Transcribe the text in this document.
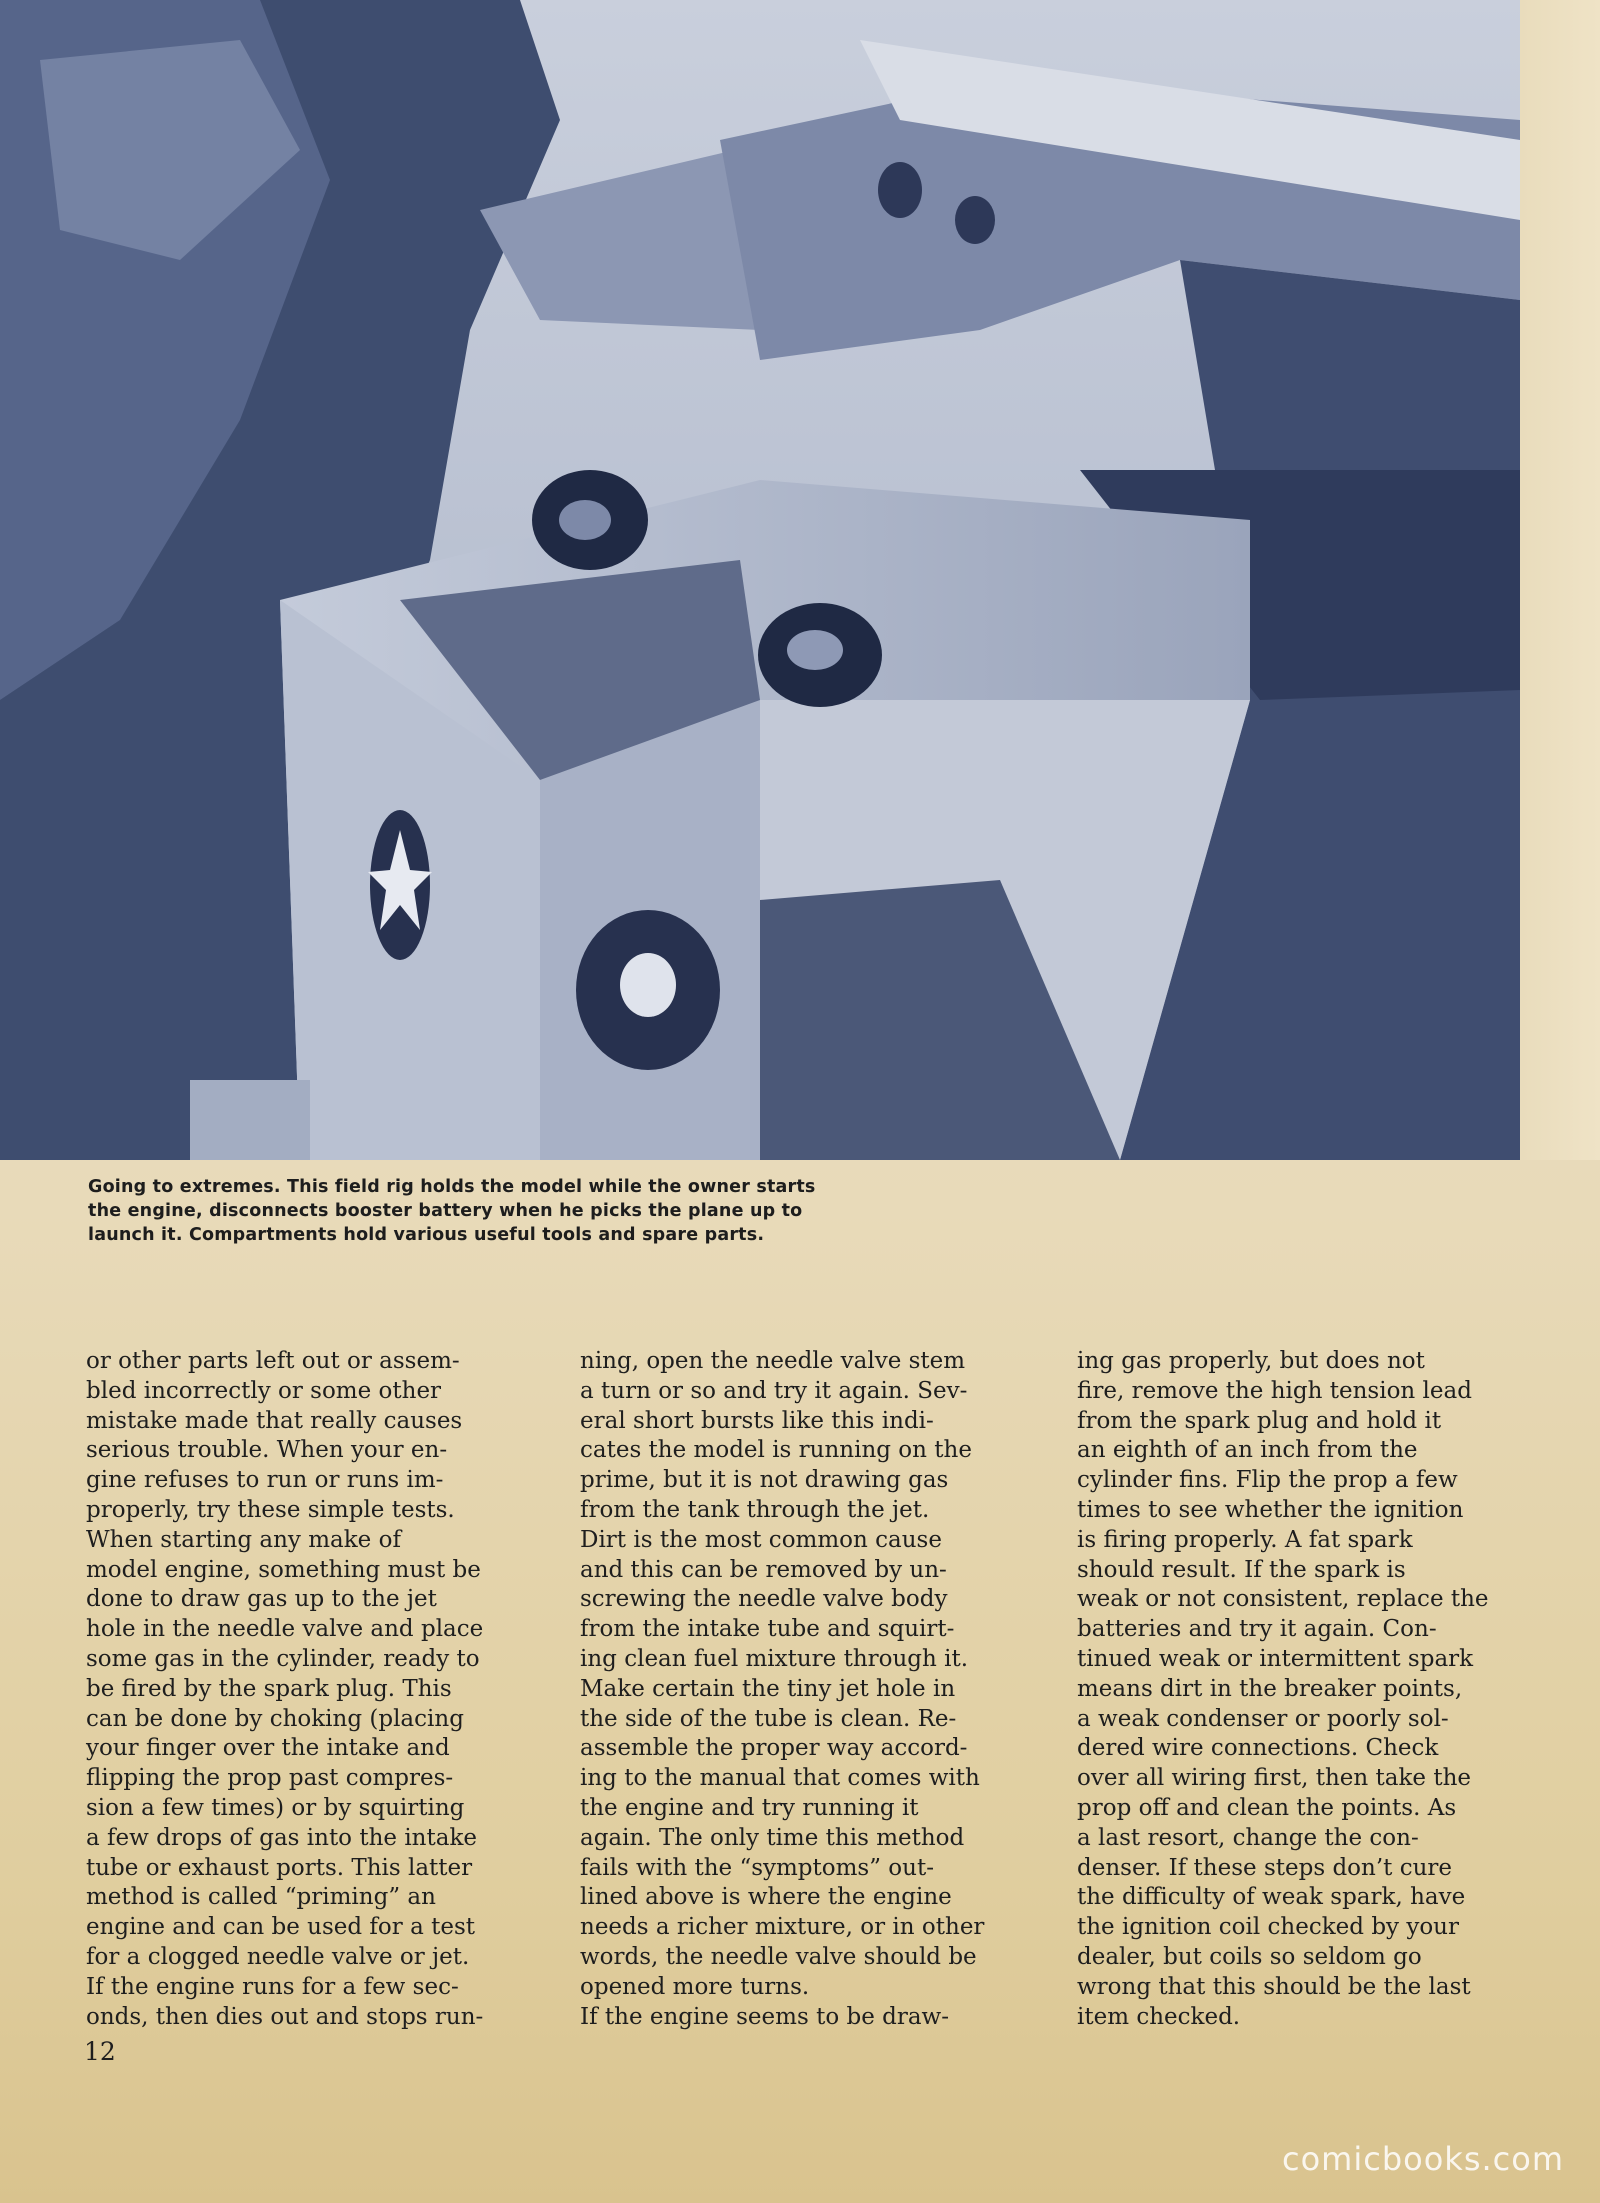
Going to extremes. This field rig holds the model while the owner starts
the engine, disconnects booster battery when he picks the plane up to
launch it. Compartments hold various useful tools and spare parts.
or other parts left out or assem-
bled incorrectly or some other
mistake made that really causes
serious trouble. When your en-
gine refuses to run or runs im-
properly, try these simple tests.
When starting any make of
model engine, something must be
done to draw gas up to the jet
hole in the needle valve and place
some gas in the cylinder, ready to
be fired by the spark plug. This
can be done by choking (placing
your finger over the intake and
flipping the prop past compres-
sion a few times) or by squirting
a few drops of gas into the intake
tube or exhaust ports. This latter
method is called “priming” an
engine and can be used for a test
for a clogged needle valve or jet.
If the engine runs for a few sec-
onds, then dies out and stops run-
ning, open the needle valve stem
a turn or so and try it again. Sev-
eral short bursts like this indi-
cates the model is running on the
prime, but it is not drawing gas
from the tank through the jet.
Dirt is the most common cause
and this can be removed by un-
screwing the needle valve body
from the intake tube and squirt-
ing clean fuel mixture through it.
Make certain the tiny jet hole in
the side of the tube is clean. Re-
assemble the proper way accord-
ing to the manual that comes with
the engine and try running it
again. The only time this method
fails with the “symptoms” out-
lined above is where the engine
needs a richer mixture, or in other
words, the needle valve should be
opened more turns.
If the engine seems to be draw-
ing gas properly, but does not
fire, remove the high tension lead
from the spark plug and hold it
an eighth of an inch from the
cylinder fins. Flip the prop a few
times to see whether the ignition
is firing properly. A fat spark
should result. If the spark is
weak or not consistent, replace the
batteries and try it again. Con-
tinued weak or intermittent spark
means dirt in the breaker points,
a weak condenser or poorly sol-
dered wire connections. Check
over all wiring first, then take the
prop off and clean the points. As
a last resort, change the con-
denser. If these steps don’t cure
the difficulty of weak spark, have
the ignition coil checked by your
dealer, but coils so seldom go
wrong that this should be the last
item checked.
12
comicbooks.com
